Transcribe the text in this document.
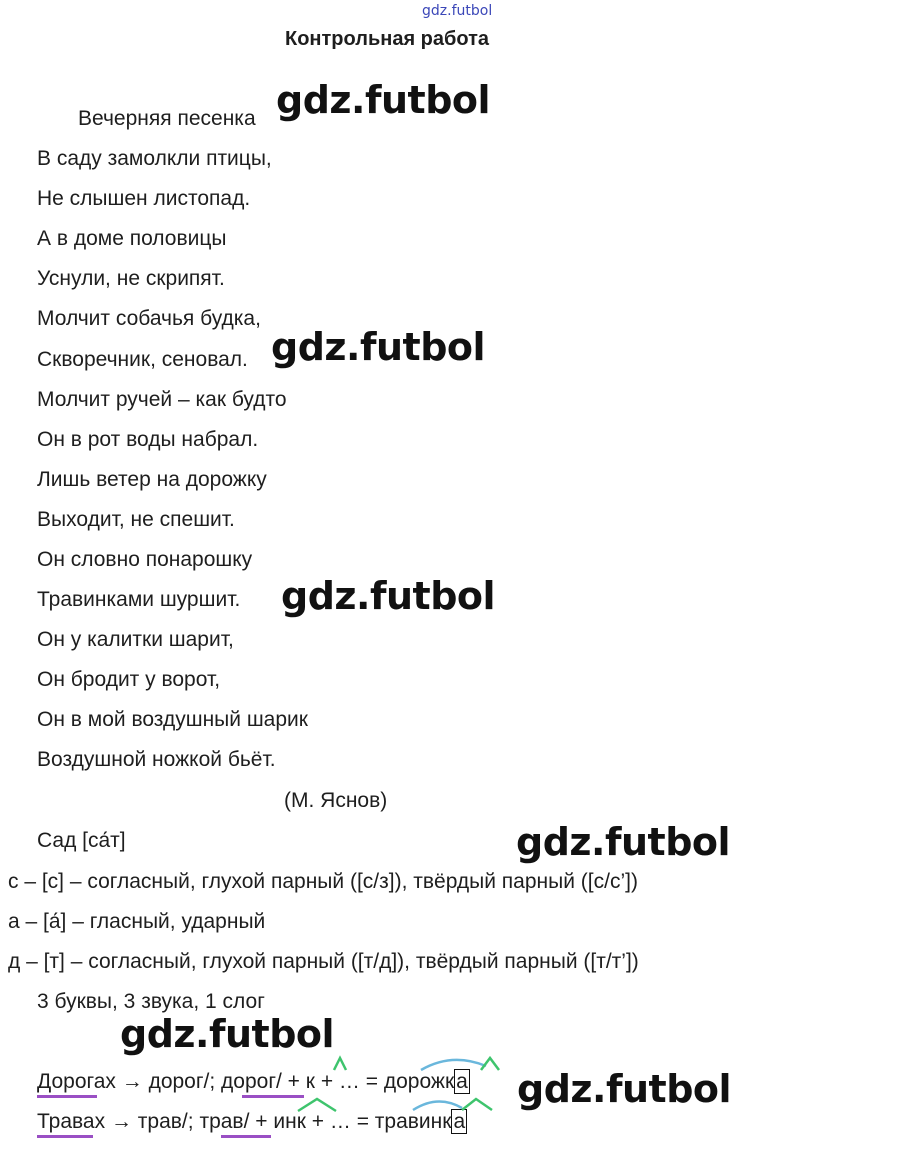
gdz.futbol
Контрольная работа
Вечерняя песенка
В саду замолкли птицы,
Не слышен листопад.
А в доме половицы
Уснули, не скрипят.
Молчит собачья будка,
Скворечник, сеновал.
Молчит ручей – как будто
Он в рот воды набрал.
Лишь ветер на дорожку
Выходит, не спешит.
Он словно понарошку
Травинками шуршит.
Он у калитки шарит,
Он бродит у ворот,
Он в мой воздушный шарик
Воздушной ножкой бьёт.
(М. Яснов)
Сад [са́т]
с – [с] – согласный, глухой парный ([с/з]), твёрдый парный ([с/с’])
а – [а́] – гласный, ударный
д – [т] – согласный, глухой парный ([т/д]), твёрдый парный ([т/т’])
3 буквы, 3 звука, 1 слог
Дорогах → дорог/; дорог/ + к + … = дорожка
Травах → трав/; трав/ + инк + … = травинка
gdz.futbol
gdz.futbol
gdz.futbol
gdz.futbol
gdz.futbol
gdz.futbol
